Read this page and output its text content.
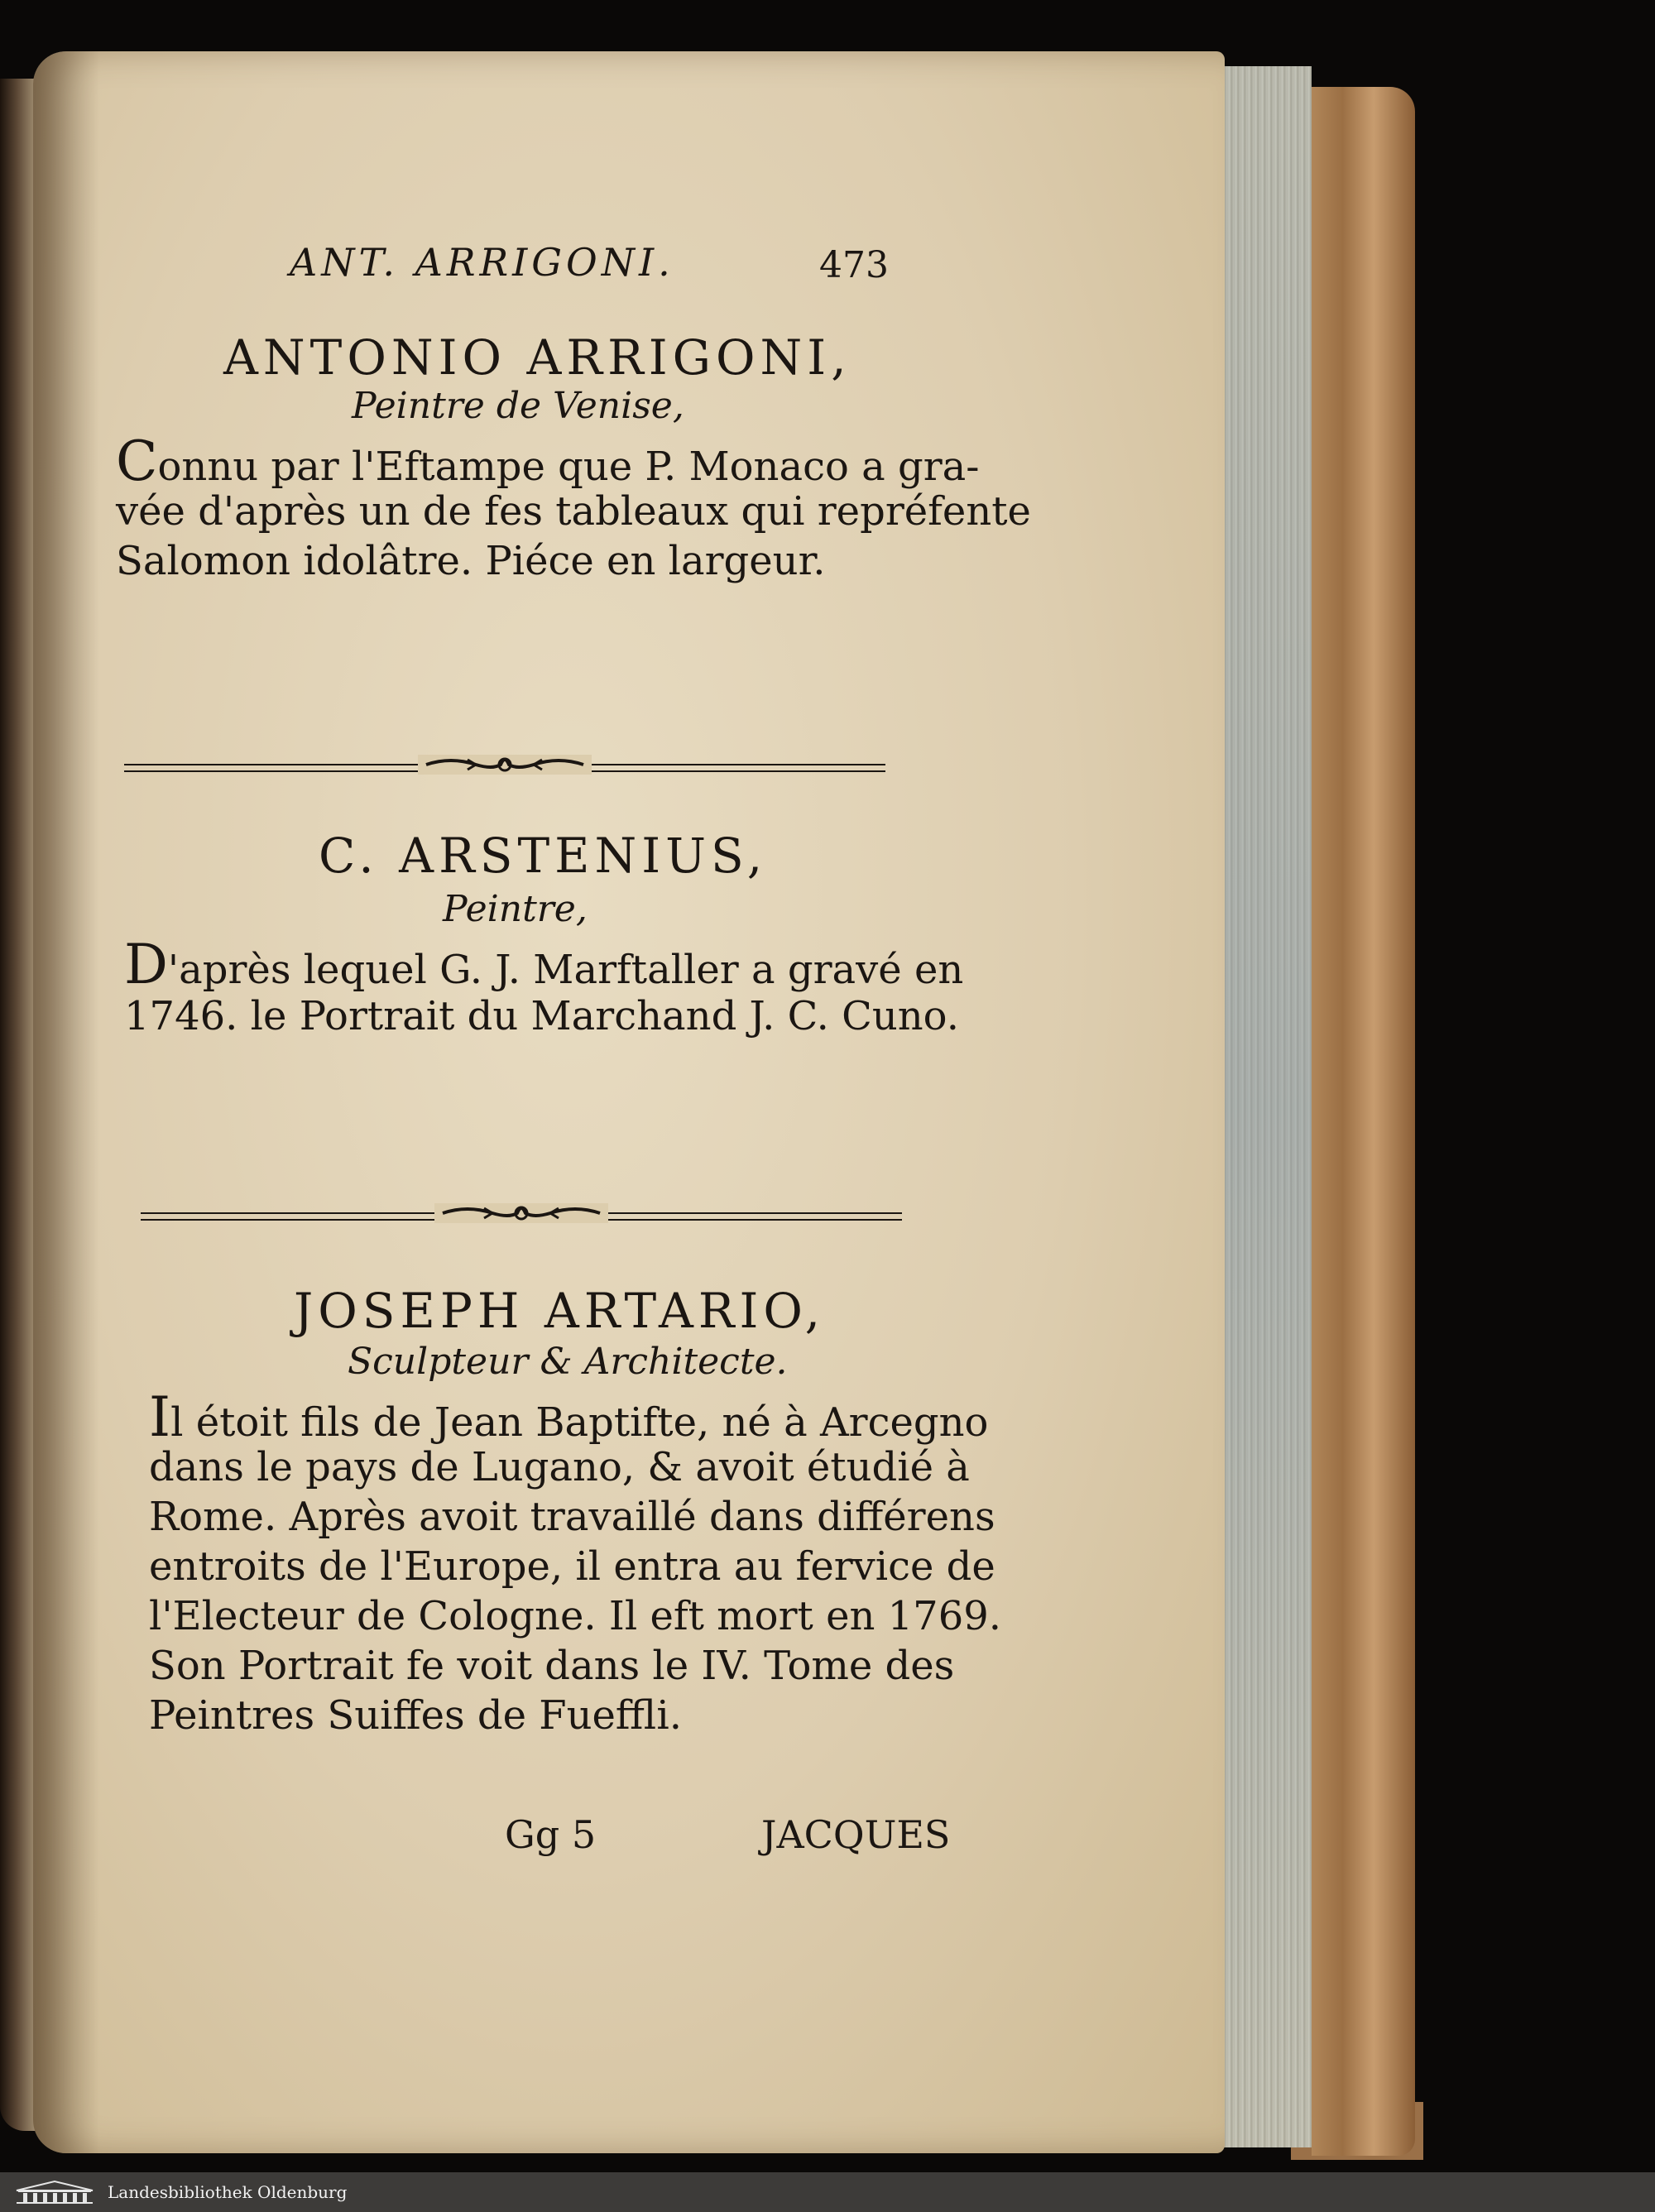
ANT. ARRIGONI.	473
ANTONIO ARRIGONI,
Peintre de Venise,
Connu par l'Eftampe que P. Monaco a gra-
vée d'après un de fes tableaux qui repréfente
Salomon idolâtre. Piéce en largeur.
C. ARSTENIUS,
Peintre,
D'après lequel G. J. Marftaller a gravé en
1746. le Portrait du Marchand J. C. Cuno.
JOSEPH ARTARIO,
Sculpteur & Architecte.
Il étoit fils de Jean Baptifte, né à Arcegno
dans le pays de Lugano, & avoit étudié à
Rome. Après avoit travaillé dans différens
entroits de l'Europe, il entra au fervice de
l'Electeur de Cologne. Il eft mort en 1769.
Son Portrait fe voit dans le IV. Tome des
Peintres Suiffes de Fueffli.
Gg 5	JACQUES
Landesbibliothek Oldenburg
